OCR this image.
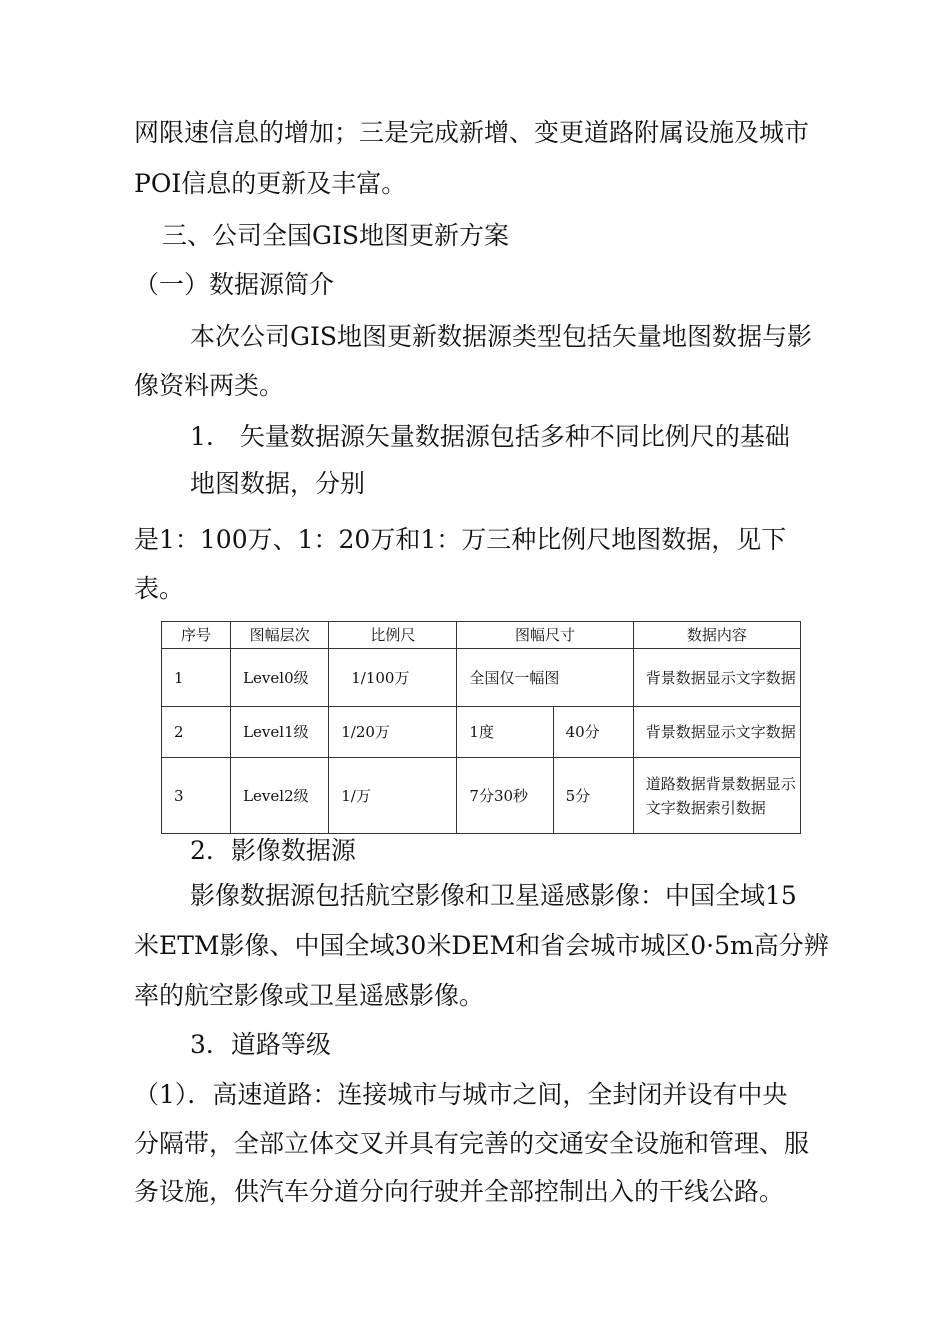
网限速信息的增加；三是完成新增、变更道路附属设施及城市
POI信息的更新及丰富。
三、公司全国GIS地图更新方案
（一）数据源简介
本次公司GIS地图更新数据源类型包括矢量地图数据与影
像资料两类。
1. 矢量数据源矢量数据源包括多种不同比例尺的基础
地图数据，分别
是1：100万、1：20万和1：万三种比例尺地图数据，见下
表。
序号	图幅层次	比例尺	图幅尺寸		数据内容
1	Level0级	1/100万	全国仅一幅图		背景数据显示文字数据
2	Level1级	1/20万	1度	40分	背景数据显示文字数据
3	Level2级	1/万	7分30秒	5分	道路数据背景数据显示文字数据索引数据
2．影像数据源
影像数据源包括航空影像和卫星遥感影像：中国全域15
米ETM影像、中国全域30米DEM和省会城市城区0·5m高分辨
率的航空影像或卫星遥感影像。
3．道路等级
（1）．高速道路：连接城市与城市之间，全封闭并设有中央
分隔带，全部立体交叉并具有完善的交通安全设施和管理、服
务设施，供汽车分道分向行驶并全部控制出入的干线公路。
